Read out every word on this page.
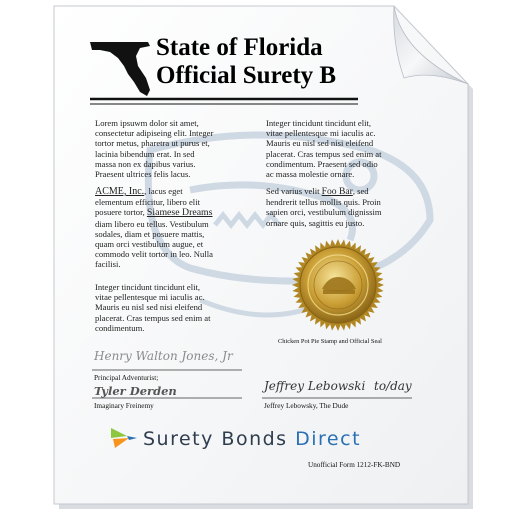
State of Florida
Official Surety B
Lorem ipsuwm dolor sit amet,
consectetur adipiseing elit. Integer
tortor metus, pharetra ut purus et,
lacinia bibendum erat. In sed
massa non ex dapibus varius.
Praesent ultrices felis lacus.
ACME, Inc., lacus eget
elementum efficitur, libero elit
posuere tortor, Siamese Dreams
diam libero eu tellus. Vestibulum
sodales, diam et posuere mattis,
quam orci vestibulum augue, et
commodo velit tortor in leo. Nulla
facilisi.
Integer tincidunt tincidunt elit,
vitae pellentesque mi iaculis ac.
Mauris eu nisl sed nisi eleifend
placerat. Cras tempus sed enim at
condimentum.
Integer tincidunt tincidunt elit,
vitae pellentesque mi iaculis ac.
Mauris eu nisl sed nisi eleifend
placerat. Cras tempus sed enim at
condimentum. Praesent sed odio
ac massa molestie ornare.
Sed varius velit Foo Bar, sed
hendrerit tellus mollis quis. Proin
sapien orci, vestibulum dignissim
ornare quis, sagittis eu justo.
Chicken Pot Pie Stamp and Official Seal
Henry Walton Jones, Jr
Principal Adventurist;
Tyler Derden
Imaginary Freinemy
Jeffrey Lebowski to/day
Jeffrey Lebowsky, The Dude
Surety Bonds Direct
Unofficial Form 1212-FK-BND
